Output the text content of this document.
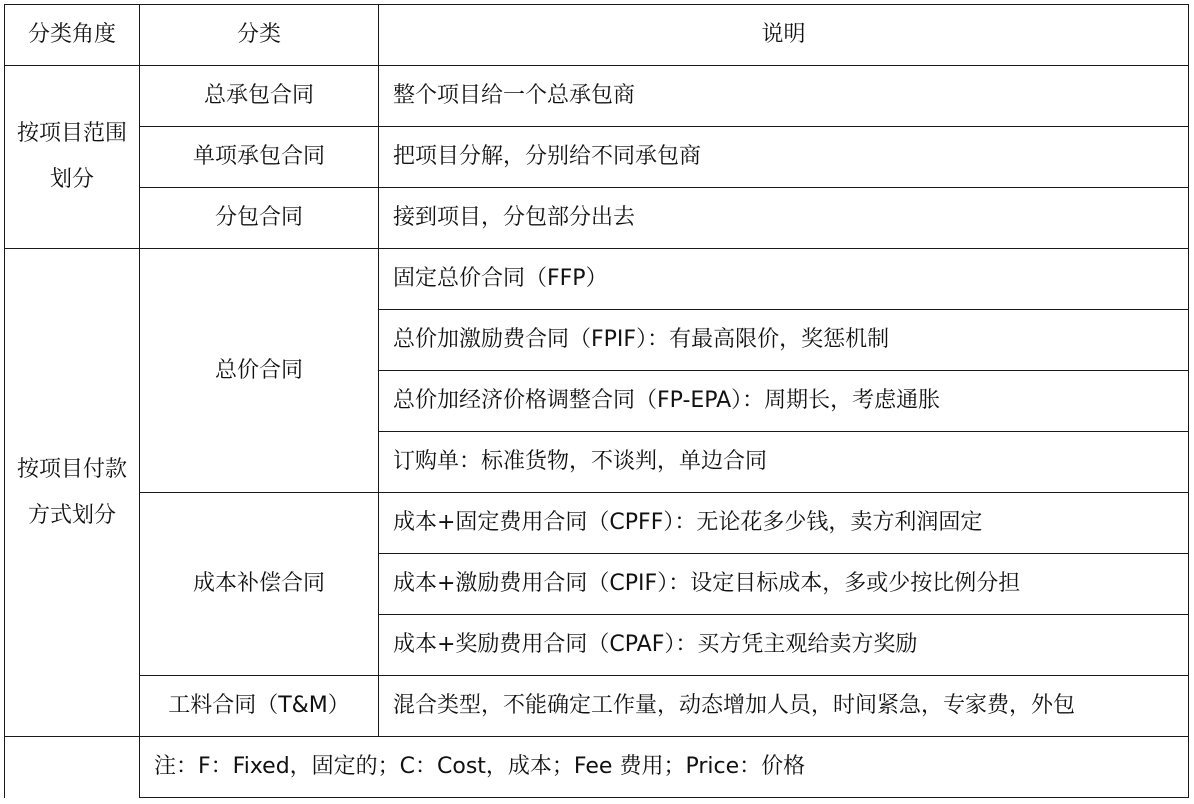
分类角度	分类	说明

按项目范围划分	总承包合同	整个项目给一个总承包商
	单项承包合同	把项目分解，分别给不同承包商
	分包合同	接到项目，分包部分出去

按项目付款方式划分	总价合同	固定总价合同（FFP）
		总价加激励费合同（FPIF）：有最高限价，奖惩机制
		总价加经济价格调整合同（FP-EPA）：周期长，考虑通胀
		订购单：标准货物，不谈判，单边合同
	成本补偿合同	成本+固定费用合同（CPFF）：无论花多少钱，卖方利润固定
		成本+激励费用合同（CPIF）：设定目标成本，多或少按比例分担
		成本+奖励费用合同（CPAF）：买方凭主观给卖方奖励
	工料合同（T&M）	混合类型，不能确定工作量，动态增加人员，时间紧急，专家费，外包
	注：F：Fixed，固定的；C：Cost，成本；Fee 费用；Price：价格	
